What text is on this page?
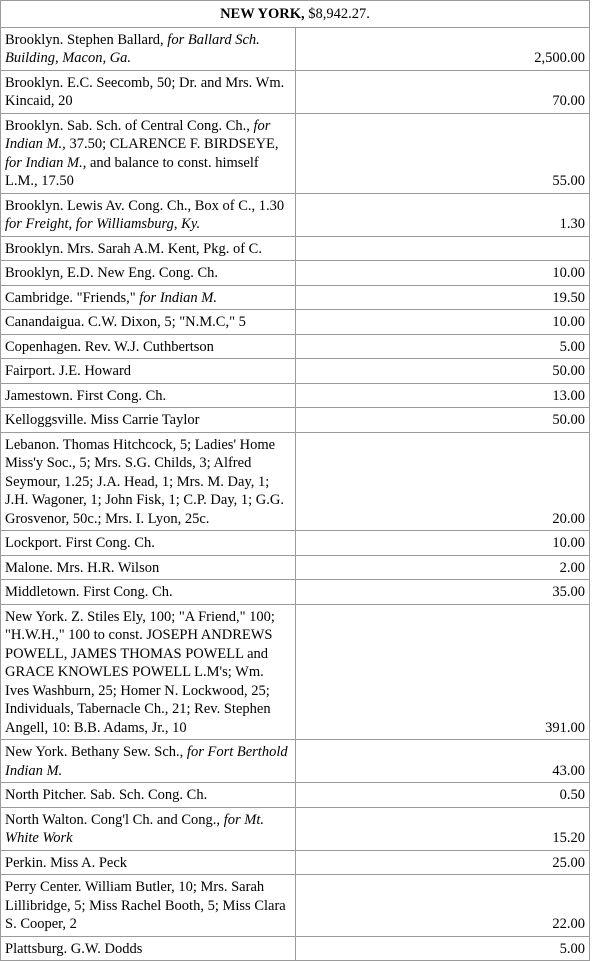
NEW YORK, $8,942.27.	
Brooklyn. Stephen Ballard, for Ballard Sch. Building, Macon, Ga.	2,500.00
Brooklyn. E.C. Seecomb, 50; Dr. and Mrs. Wm. Kincaid, 20	70.00
Brooklyn. Sab. Sch. of Central Cong. Ch., for Indian M., 37.50; CLARENCE F. BIRDSEYE, for Indian M., and balance to const. himself L.M., 17.50	55.00
Brooklyn. Lewis Av. Cong. Ch., Box of C., 1.30 for Freight, for Williamsburg, Ky.	1.30
Brooklyn. Mrs. Sarah A.M. Kent, Pkg. of C.	
Brooklyn, E.D. New Eng. Cong. Ch.	10.00
Cambridge. "Friends," for Indian M.	19.50
Canandaigua. C.W. Dixon, 5; "N.M.C," 5	10.00
Copenhagen. Rev. W.J. Cuthbertson	5.00
Fairport. J.E. Howard	50.00
Jamestown. First Cong. Ch.	13.00
Kelloggsville. Miss Carrie Taylor	50.00
Lebanon. Thomas Hitchcock, 5; Ladies' Home Miss'y Soc., 5; Mrs. S.G. Childs, 3; Alfred Seymour, 1.25; J.A. Head, 1; Mrs. M. Day, 1; J.H. Wagoner, 1; John Fisk, 1; C.P. Day, 1; G.G. Grosvenor, 50c.; Mrs. I. Lyon, 25c.	20.00
Lockport. First Cong. Ch.	10.00
Malone. Mrs. H.R. Wilson	2.00
Middletown. First Cong. Ch.	35.00
New York. Z. Stiles Ely, 100; "A Friend," 100; "H.W.H.," 100 to const. JOSEPH ANDREWS POWELL, JAMES THOMAS POWELL and GRACE KNOWLES POWELL L.M's; Wm. Ives Washburn, 25; Homer N. Lockwood, 25; Individuals, Tabernacle Ch., 21; Rev. Stephen Angell, 10: B.B. Adams, Jr., 10	391.00
New York. Bethany Sew. Sch., for Fort Berthold Indian M.	43.00
North Pitcher. Sab. Sch. Cong. Ch.	0.50
North Walton. Cong'l Ch. and Cong., for Mt. White Work	15.20
Perkin. Miss A. Peck	25.00
Perry Center. William Butler, 10; Mrs. Sarah Lillibridge, 5; Miss Rachel Booth, 5; Miss Clara S. Cooper, 2	22.00
Plattsburg. G.W. Dodds	5.00
